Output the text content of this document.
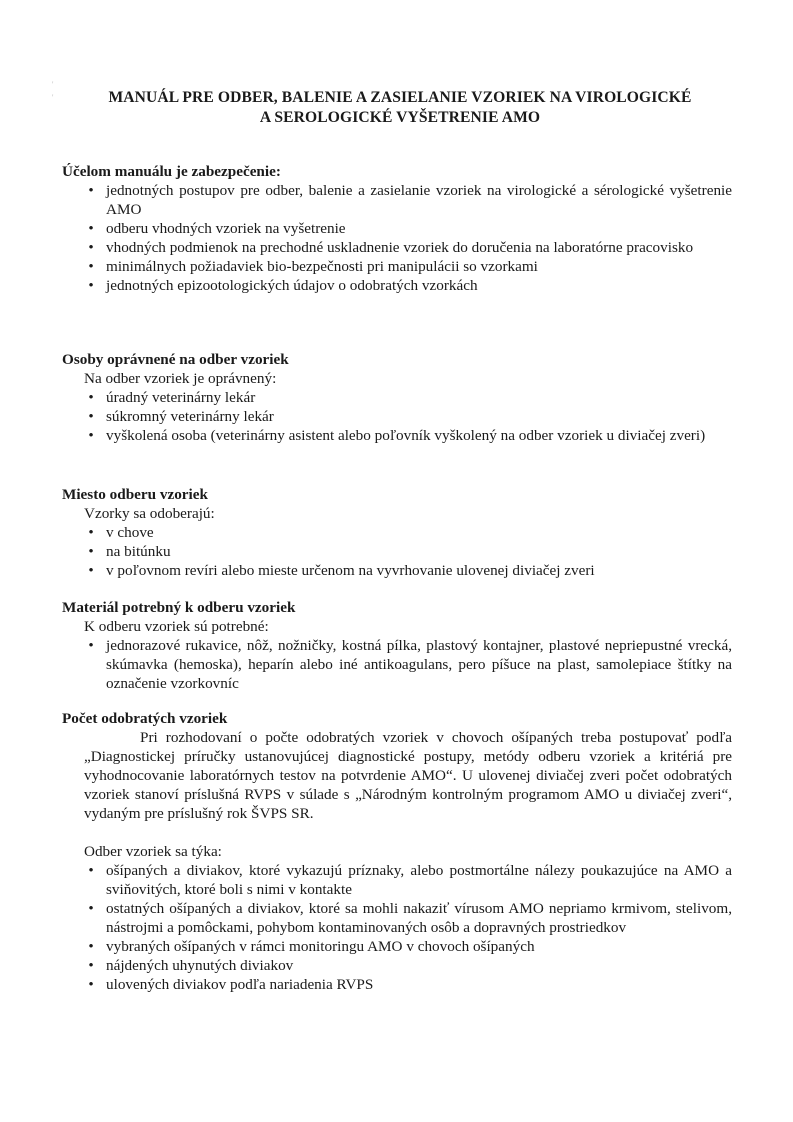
'
'	MANUÁL PRE ODBER, BALENIE A ZASIELANIE VZORIEK NA VIROLOGICKÉ
A SEROLOGICKÉ VYŠETRENIE AMO

Účelom manuálu je zabezpečenie:

• jednotných postupov pre odber, balenie a zasielanie vzoriek na virologické a sérologické vyšetrenie AMO
• odberu vhodných vzoriek na vyšetrenie
• vhodných podmienok na prechodné uskladnenie vzoriek do doručenia na laboratórne pracovisko
• minimálnych požiadaviek bio-bezpečnosti pri manipulácii so vzorkami
• jednotných epizootologických údajov o odobratých vzorkách

Osoby oprávnené na odber vzoriek

Na odber vzoriek je oprávnený:

• úradný veterinárny lekár
• súkromný veterinárny lekár
• vyškolená osoba (veterinárny asistent alebo poľovník vyškolený na odber vzoriek u diviačej zveri)

Miesto odberu vzoriek

Vzorky sa odoberajú:

• v chove
• na bitúnku
• v poľovnom revíri alebo mieste určenom na vyvrhovanie ulovenej diviačej zveri

Materiál potrebný k odberu vzoriek

K odberu vzoriek sú potrebné:

• jednorazové rukavice, nôž, nožničky, kostná pílka, plastový kontajner, plastové nepriepustné vrecká, skúmavka (hemoska), heparín alebo iné antikoagulans, pero píšuce na plast, samolepiace štítky na označenie vzorkovníc

Počet odobratých vzoriek

Pri rozhodovaní o počte odobratých vzoriek v chovoch ošípaných treba postupovať podľa „Diagnostickej príručky ustanovujúcej diagnostické postupy, metódy odberu vzoriek a kritériá pre vyhodnocovanie laboratórnych testov na potvrdenie AMO“. U ulovenej diviačej zveri počet odobratých vzoriek stanoví príslušná RVPS v súlade s „Národným kontrolným programom AMO u diviačej zveri“, vydaným pre príslušný rok ŠVPS SR.

Odber vzoriek sa týka:

• ošípaných a diviakov, ktoré vykazujú príznaky, alebo postmortálne nálezy poukazujúce na AMO a sviňovitých, ktoré boli s nimi v kontakte
• ostatných ošípaných a diviakov, ktoré sa mohli nakaziť vírusom AMO nepriamo krmivom, stelivom, nástrojmi a pomôckami, pohybom kontaminovaných osôb a dopravných prostriedkov
• vybraných ošípaných v rámci monitoringu AMO v chovoch ošípaných
• nájdených uhynutých diviakov
• ulovených diviakov podľa nariadenia RVPS
